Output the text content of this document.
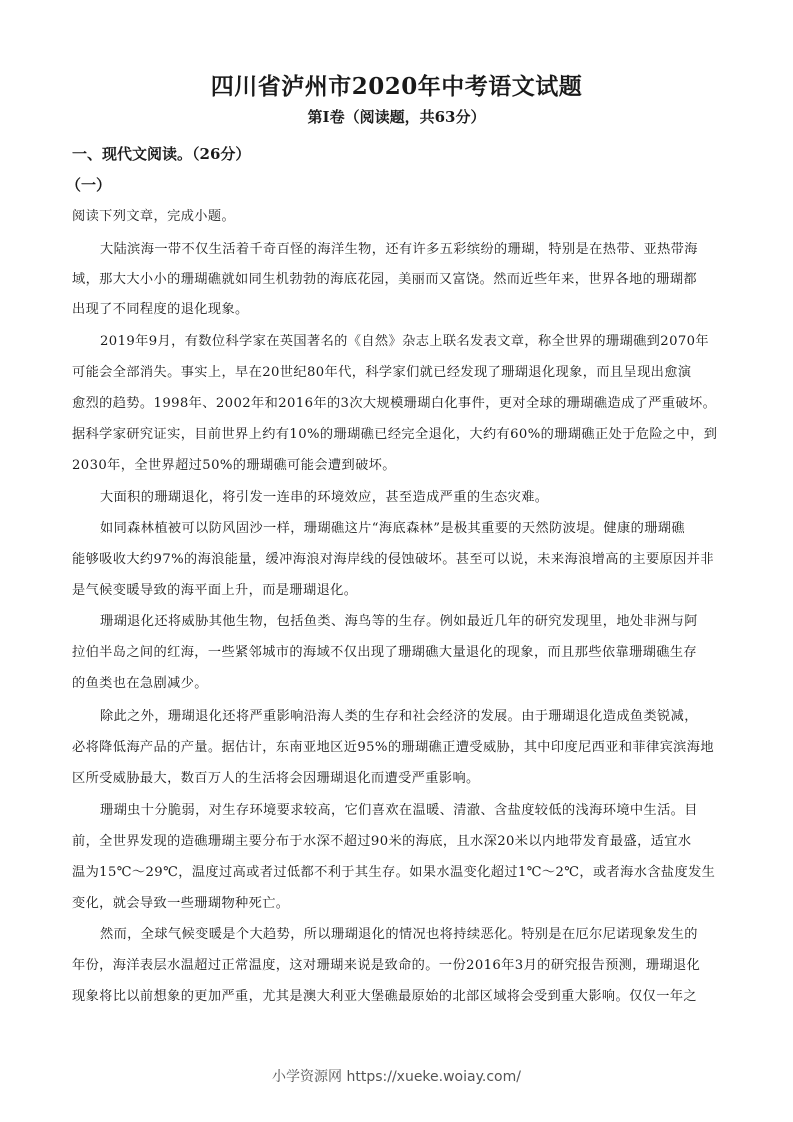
四川省泸州市2020年中考语文试题
第Ⅰ卷（阅读题，共63分）
一、现代文阅读。（26分）
（一）
阅读下列文章，完成小题。
大陆滨海一带不仅生活着千奇百怪的海洋生物，还有许多五彩缤纷的珊瑚，特别是在热带、亚热带海
域，那大大小小的珊瑚礁就如同生机勃勃的海底花园，美丽而又富饶。然而近些年来，世界各地的珊瑚都
出现了不同程度的退化现象。
2019年9月，有数位科学家在英国著名的《自然》杂志上联名发表文章，称全世界的珊瑚礁到2070年
可能会全部消失。事实上，早在20世纪80年代，科学家们就已经发现了珊瑚退化现象，而且呈现出愈演
愈烈的趋势。1998年、2002年和2016年的3次大规模珊瑚白化事件，更对全球的珊瑚礁造成了严重破坏。
据科学家研究证实，目前世界上约有10%的珊瑚礁已经完全退化，大约有60%的珊瑚礁正处于危险之中，到
2030年，全世界超过50%的珊瑚礁可能会遭到破坏。
大面积的珊瑚退化，将引发一连串的环境效应，甚至造成严重的生态灾难。
如同森林植被可以防风固沙一样，珊瑚礁这片“海底森林”是极其重要的天然防波堤。健康的珊瑚礁
能够吸收大约97%的海浪能量，缓冲海浪对海岸线的侵蚀破坏。甚至可以说，未来海浪增高的主要原因并非
是气候变暖导致的海平面上升，而是珊瑚退化。
珊瑚退化还将威胁其他生物，包括鱼类、海鸟等的生存。例如最近几年的研究发现里，地处非洲与阿
拉伯半岛之间的红海，一些紧邻城市的海域不仅出现了珊瑚礁大量退化的现象，而且那些依靠珊瑚礁生存
的鱼类也在急剧减少。
除此之外，珊瑚退化还将严重影响沿海人类的生存和社会经济的发展。由于珊瑚退化造成鱼类锐减，
必将降低海产品的产量。据估计，东南亚地区近95%的珊瑚礁正遭受威胁，其中印度尼西亚和菲律宾滨海地
区所受威胁最大，数百万人的生活将会因珊瑚退化而遭受严重影响。
珊瑚虫十分脆弱，对生存环境要求较高，它们喜欢在温暖、清澈、含盐度较低的浅海环境中生活。目
前，全世界发现的造礁珊瑚主要分布于水深不超过90米的海底，且水深20米以内地带发育最盛，适宜水
温为15℃～29℃，温度过高或者过低都不利于其生存。如果水温变化超过1℃～2℃，或者海水含盐度发生
变化，就会导致一些珊瑚物种死亡。
然而，全球气候变暖是个大趋势，所以珊瑚退化的情况也将持续恶化。特别是在厄尔尼诺现象发生的
年份，海洋表层水温超过正常温度，这对珊瑚来说是致命的。一份2016年3月的研究报告预测，珊瑚退化
现象将比以前想象的更加严重，尤其是澳大利亚大堡礁最原始的北部区域将会受到重大影响。仅仅一年之
小学资源网 https://xueke.woiay.com/
